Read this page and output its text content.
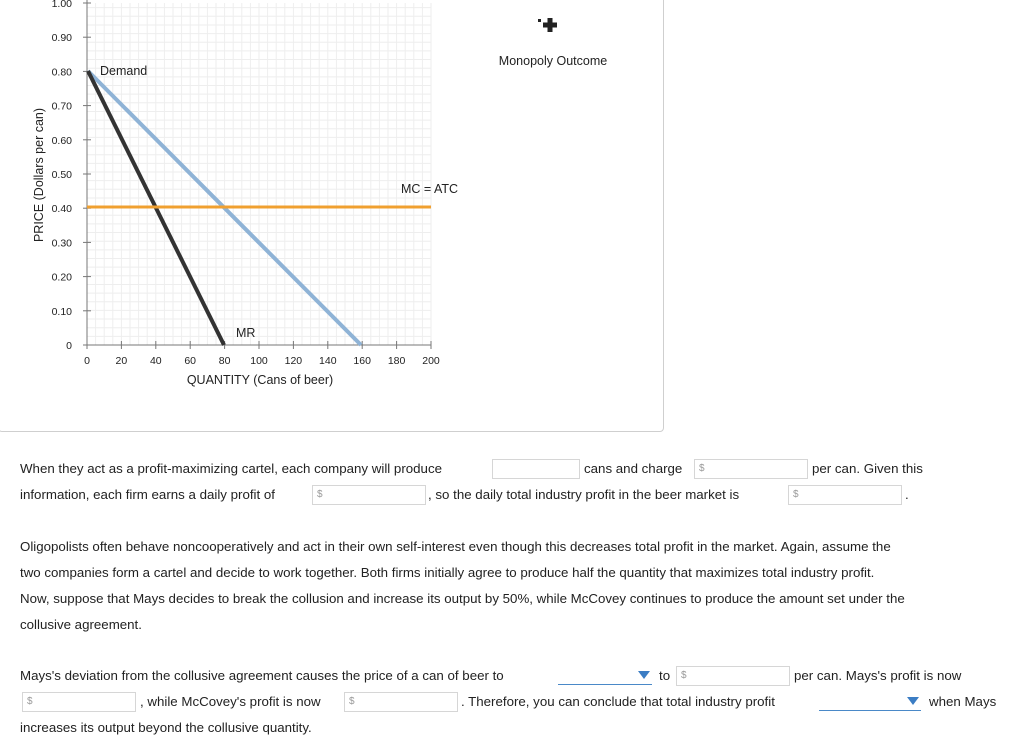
1.00
0.90
0.80
0.70
0.60
0.50
0.40
0.30
0.20
0.10
0
0 20 40 60 80 100 120 140 160 180 200
Demand
MR
MC = ATC
PRICE (Dollars per can)
QUANTITY (Cans of beer)
Monopoly Outcome
When they act as a profit-maximizing cartel, each company will produce	cans and charge	$	per can. Given this
information, each firm earns a daily profit of	$	, so the daily total industry profit in the beer market is	$	.
Oligopolists often behave noncooperatively and act in their own self-interest even though this decreases total profit in the market. Again, assume the
two companies form a cartel and decide to work together. Both firms initially agree to produce half the quantity that maximizes total industry profit.
Now, suppose that Mays decides to break the collusion and increase its output by 50%, while McCovey continues to produce the amount set under the
collusive agreement.
Mays's deviation from the collusive agreement causes the price of a can of beer to	to	$	per can. Mays's profit is now
$	, while McCovey's profit is now	$	. Therefore, you can conclude that total industry profit	when Mays
increases its output beyond the collusive quantity.
